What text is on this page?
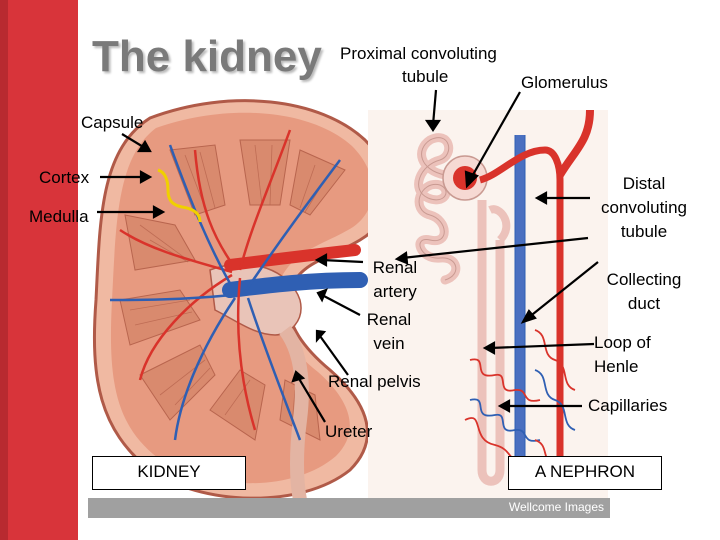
The kidney Proximal convoluting
tubule	Glomerulus
Capsule
Cortex
Medulla
Renal
artery
Renal
vein
Renal pelvis
Ureter
Distal
convoluting
tubule
Collecting
duct
Loop of
Henle
Capillaries
KIDNEY	A NEPHRON
Wellcome Images
